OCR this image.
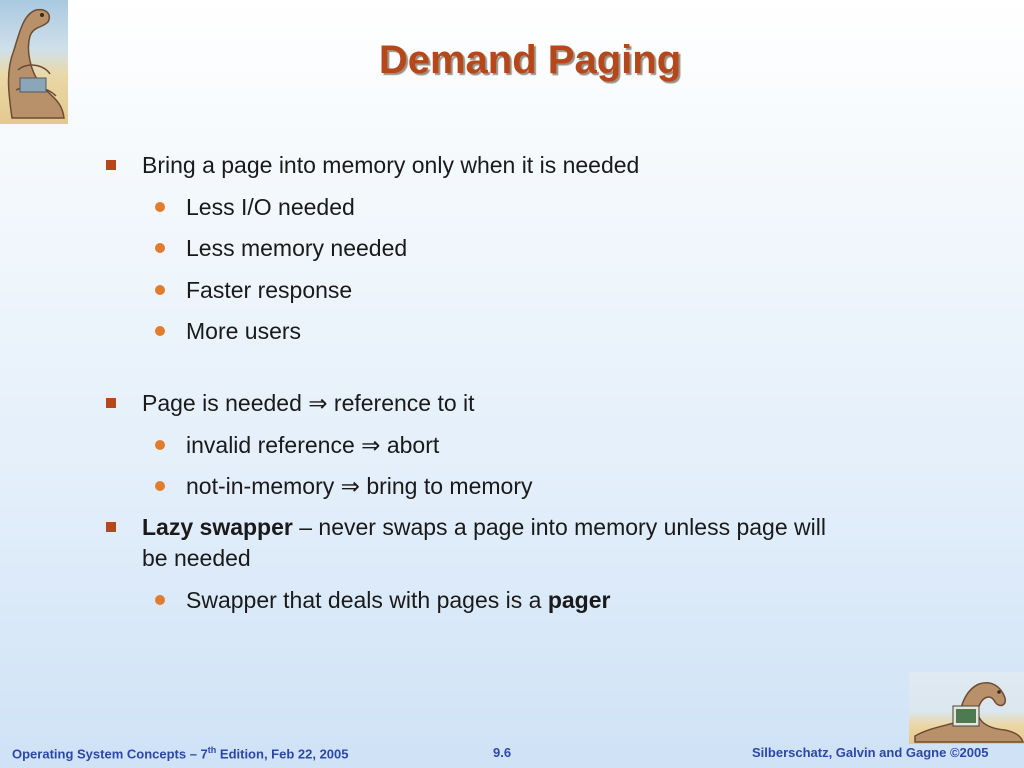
Demand Paging
Bring a page into memory only when it is needed
Less I/O needed
Less memory needed
Faster response
More users
Page is needed ⇒ reference to it
invalid reference ⇒ abort
not-in-memory ⇒ bring to memory
Lazy swapper – never swaps a page into memory unless page will
be needed
Swapper that deals with pages is a pager
Operating System Concepts – 7th Edition, Feb 22, 2005	9.6	Silberschatz, Galvin and Gagne ©2005
